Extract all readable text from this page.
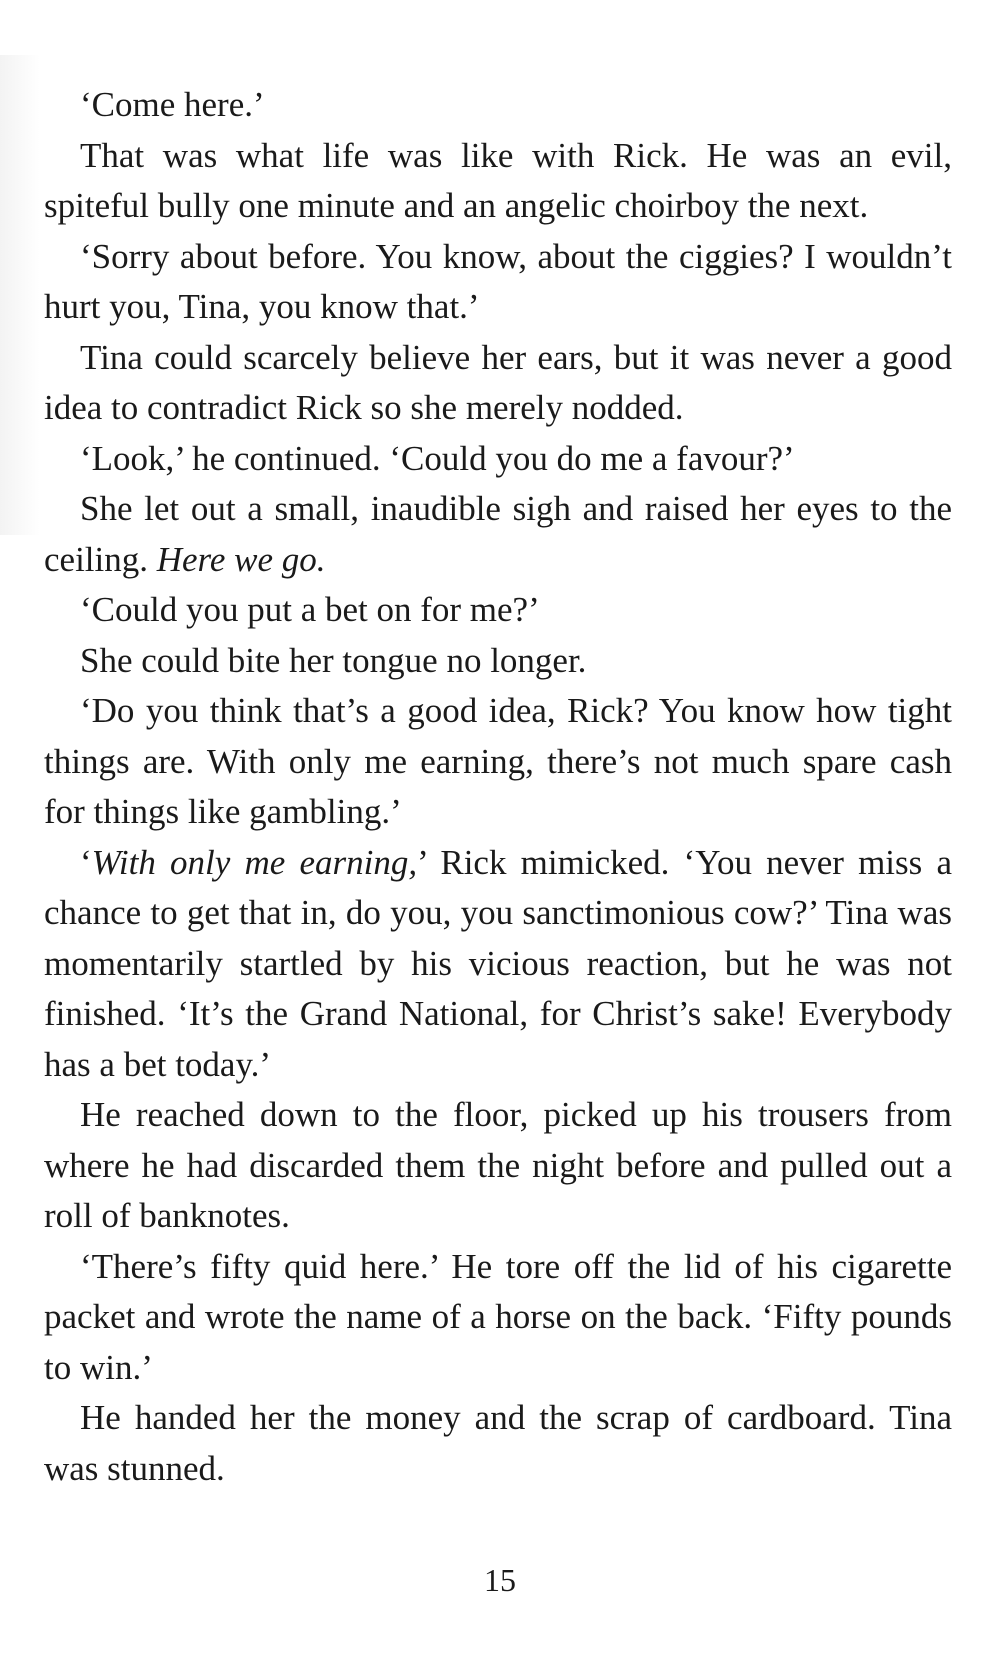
‘Come here.’

That was what life was like with Rick. He was an evil, spiteful bully one minute and an angelic choirboy the next.

‘Sorry about before. You know, about the ciggies? I wouldn’t hurt you, Tina, you know that.’

Tina could scarcely believe her ears, but it was never a good idea to contradict Rick so she merely nodded.

‘Look,’ he continued. ‘Could you do me a favour?’

She let out a small, inaudible sigh and raised her eyes to the ceiling. Here we go.

‘Could you put a bet on for me?’

She could bite her tongue no longer.

‘Do you think that’s a good idea, Rick? You know how tight things are. With only me earning, there’s not much spare cash for things like gambling.’

‘With only me earning,’ Rick mimicked. ‘You never miss a chance to get that in, do you, you sanctimonious cow?’ Tina was momentarily startled by his vicious reaction, but he was not finished. ‘It’s the Grand National, for Christ’s sake! Everybody has a bet today.’

He reached down to the floor, picked up his trousers from where he had discarded them the night before and pulled out a roll of banknotes.

‘There’s fifty quid here.’ He tore off the lid of his cigarette packet and wrote the name of a horse on the back. ‘Fifty pounds to win.’

He handed her the money and the scrap of cardboard. Tina was stunned.

15
